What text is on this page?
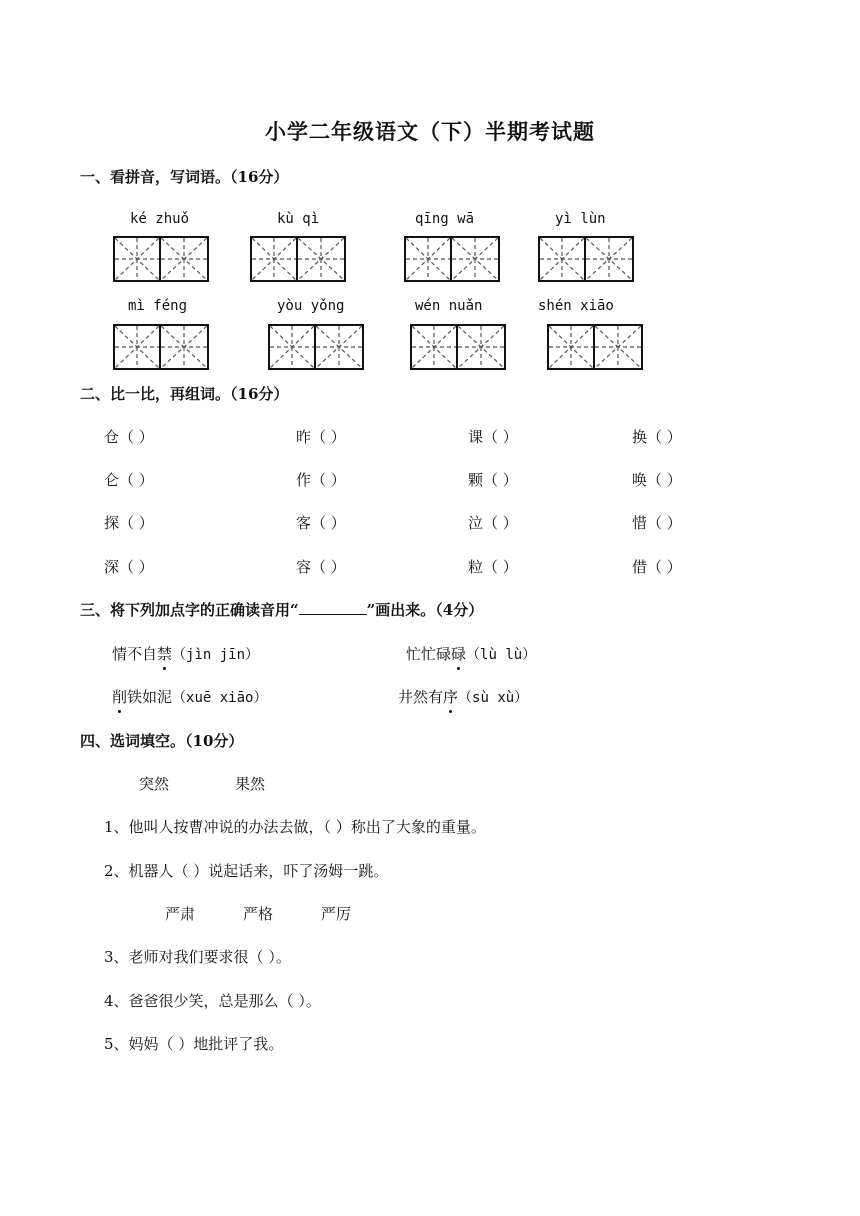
小学二年级语文（下）半期考试题
一、看拼音，写词语。（16分）
ké zhuǒ	kù qì	qīng wā	yì lùn
mì féng	yòu yǒng	wén nuǎn	shén xiāo
二、比一比，再组词。（16分）
仓（ ）	昨（ ）	课（ ）	换（ ）
仑（ ）	作（ ）	颗（ ）	唤（ ）
探（ ）	客（ ）	泣（ ）	惜（ ）
深（ ）	容（ ）	粒（ ）	借（ ）
三、将下列加点字的正确读音用“	”画出来。（4分）
情不自禁（jìn jīn）	忙忙碌碌（lù lù）
削铁如泥（xuē xiāo）	井然有序（sù xù）
四、选词填空。（10分）
突然	果然
1、他叫人按曹冲说的办法去做，（ ）称出了大象的重量。
2、机器人（ ）说起话来，吓了汤姆一跳。
严肃	严格	严厉
3、老师对我们要求很（ ）。
4、爸爸很少笑，总是那么（ ）。
5、妈妈（ ）地批评了我。
